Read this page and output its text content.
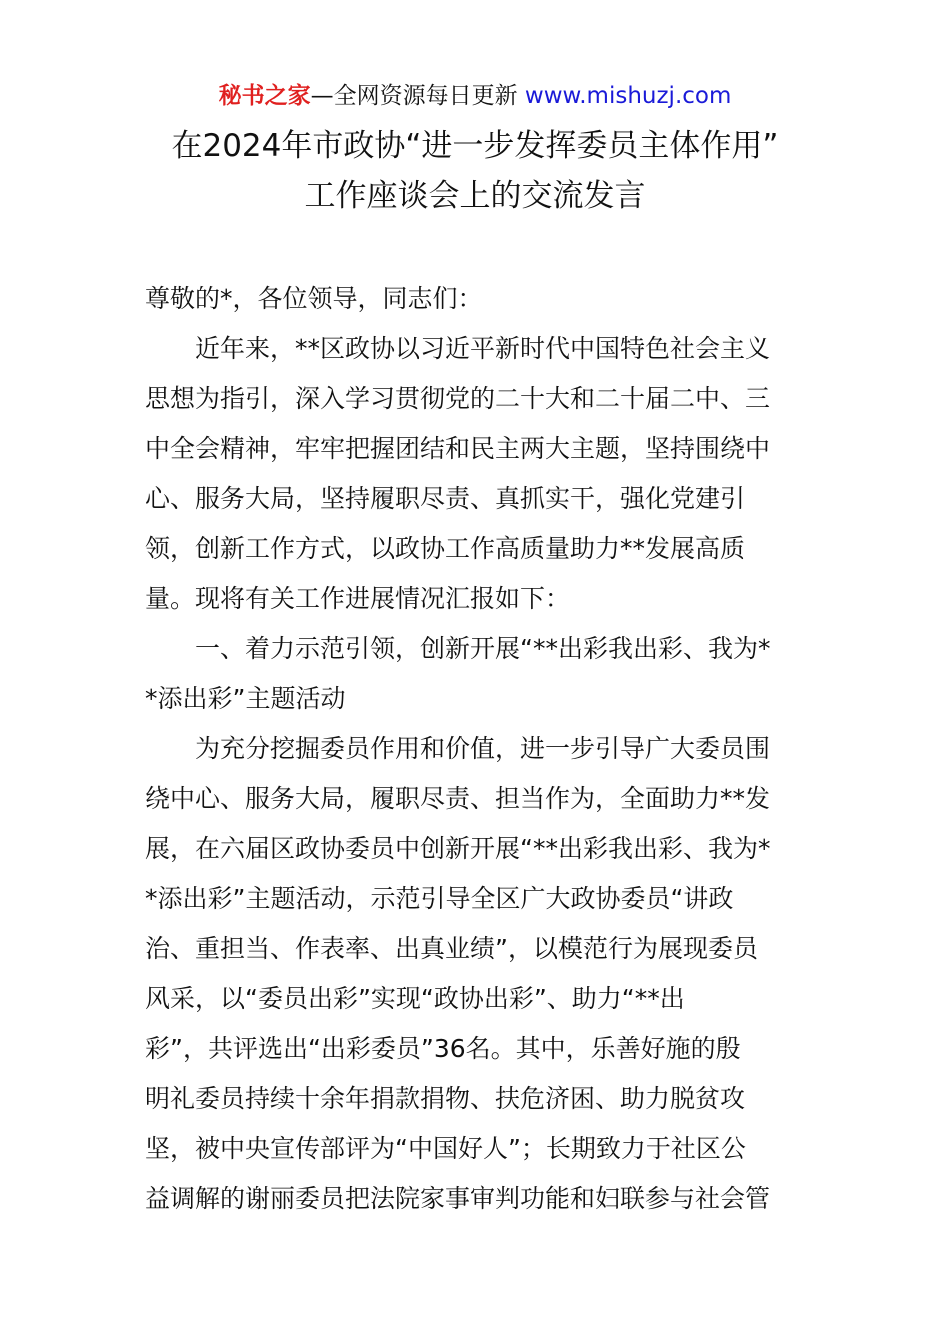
秘书之家—全网资源每日更新 www.mishuzj.com
在2024年市政协“进一步发挥委员主体作用”
工作座谈会上的交流发言
尊敬的*，各位领导，同志们：
近年来，**区政协以习近平新时代中国特色社会主义
思想为指引，深入学习贯彻党的二十大和二十届二中、三
中全会精神，牢牢把握团结和民主两大主题，坚持围绕中
心、服务大局，坚持履职尽责、真抓实干，强化党建引
领，创新工作方式，以政协工作高质量助力**发展高质
量。现将有关工作进展情况汇报如下：
一、着力示范引领，创新开展“**出彩我出彩、我为*
*添出彩”主题活动
为充分挖掘委员作用和价值，进一步引导广大委员围
绕中心、服务大局，履职尽责、担当作为，全面助力**发
展，在六届区政协委员中创新开展“**出彩我出彩、我为*
*添出彩”主题活动，示范引导全区广大政协委员“讲政
治、重担当、作表率、出真业绩”，以模范行为展现委员
风采，以“委员出彩”实现“政协出彩”、助力“**出
彩”，共评选出“出彩委员”36名。其中，乐善好施的殷
明礼委员持续十余年捐款捐物、扶危济困、助力脱贫攻
坚，被中央宣传部评为“中国好人”；长期致力于社区公
益调解的谢丽委员把法院家事审判功能和妇联参与社会管
